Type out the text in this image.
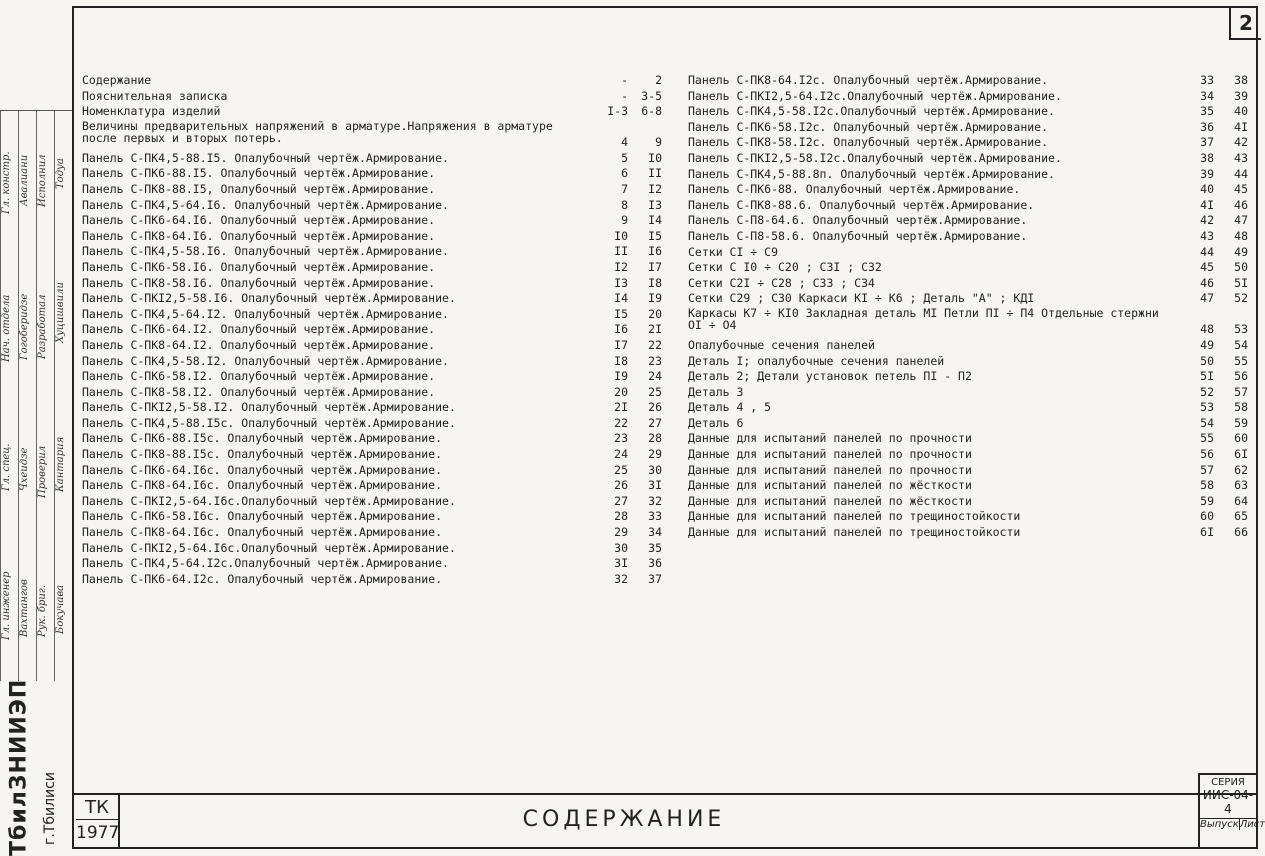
2
Гл. инженер
Гл. спец.
Нач. отдела
Гл. констр.
Вахтангов
Чхеидзе
Гогоберидзе
Авалиани
Рук. бриг.
Проверил
Разработал
Исполнил
Бокучава
Кантария
Хуцишвили
Тодуа
ТбилЗНИИЭП г.Тбилиси
Содержание	-	2
Пояснительная записка	-	3-5
Номенклатура изделий	I-3	6-8
Величины предварительных напряжений в арматуре.Напряжения в арматуре после первых и вторых потерь.	4	9
Панель С-ПК4,5-88.I5. Опалубочный чертёж.Армирование.	5	I0
Панель С-ПК6-88.I5. Опалубочный чертёж.Армирование.	6	II
Панель С-ПК8-88.I5, Опалубочный чертёж.Армирование.	7	I2
Панель С-ПК4,5-64.I6. Опалубочный чертёж.Армирование.	8	I3
Панель С-ПК6-64.I6. Опалубочный чертёж.Армирование.	9	I4
Панель С-ПК8-64.I6. Опалубочный чертёж.Армирование.	I0	I5
Панель С-ПК4,5-58.I6. Опалубочный чертёж.Армирование.	II	I6
Панель С-ПК6-58.I6. Опалубочный чертёж.Армирование.	I2	I7
Панель С-ПК8-58.I6. Опалубочный чертёж.Армирование.	I3	I8
Панель С-ПКI2,5-58.I6. Опалубочный чертёж.Армирование.	I4	I9
Панель С-ПК4,5-64.I2. Опалубочный чертёж.Армирование.	I5	20
Панель С-ПК6-64.I2. Опалубочный чертёж.Армирование.	I6	2I
Панель С-ПК8-64.I2. Опалубочный чертёж.Армирование.	I7	22
Панель С-ПК4,5-58.I2. Опалубочный чертёж.Армирование.	I8	23
Панель С-ПК6-58.I2. Опалубочный чертёж.Армирование.	I9	24
Панель С-ПК8-58.I2. Опалубочный чертёж.Армирование.	20	25
Панель С-ПКI2,5-58.I2. Опалубочный чертёж.Армирование.	2I	26
Панель С-ПК4,5-88.I5с. Опалубочный чертёж.Армирование.	22	27
Панель С-ПК6-88.I5с. Опалубочный чертёж.Армирование.	23	28
Панель С-ПК8-88.I5с. Опалубочный чертёж.Армирование.	24	29
Панель С-ПК6-64.I6с. Опалубочный чертёж.Армирование.	25	30
Панель С-ПК8-64.I6с. Опалубочный чертёж.Армирование.	26	3I
Панель С-ПКI2,5-64.I6с.Опалубочный чертёж.Армирование.	27	32
Панель С-ПК6-58.I6с. Опалубочный чертёж.Армирование.	28	33
Панель С-ПК8-64.I6с. Опалубочный чертёж.Армирование.	29	34
Панель С-ПКI2,5-64.I6с.Опалубочный чертёж.Армирование.	30	35
Панель С-ПК4,5-64.I2с.Опалубочный чертёж.Армирование.	3I	36
Панель С-ПК6-64.I2с. Опалубочный чертёж.Армирование.	32	37
Панель С-ПК8-64.I2с. Опалубочный чертёж.Армирование.	33	38
Панель С-ПКI2,5-64.I2с.Опалубочный чертёж.Армирование.	34	39
Панель С-ПК4,5-58.I2с.Опалубочный чертёж.Армирование.	35	40
Панель С-ПК6-58.I2с. Опалубочный чертёж.Армирование.	36	4I
Панель С-ПК8-58.I2с. Опалубочный чертёж.Армирование.	37	42
Панель С-ПКI2,5-58.I2с.Опалубочный чертёж.Армирование.	38	43
Панель С-ПК4,5-88.8п. Опалубочный чертёж.Армирование.	39	44
Панель С-ПК6-88. Опалубочный чертёж.Армирование.	40	45
Панель С-ПК8-88.6. Опалубочный чертёж.Армирование.	4I	46
Панель С-П8-64.6. Опалубочный чертёж.Армирование.	42	47
Панель С-П8-58.6. Опалубочный чертёж.Армирование.	43	48
Сетки CI ÷ C9	44	49
Сетки C I0 ÷ C20 ; C3I ; C32	45	50
Сетки C2I ÷ C28 ; C33 ; C34	46	5I
Сетки C29 ; C30 Каркаси КI ÷ К6 ; Деталь "А" ; КДI	47	52
Каркасы К7 ÷ КI0 Закладная деталь МI Петли ПI ÷ П4 Отдельные стержни OI ÷ O4	48	53
Опалубочные сечения панелей	49	54
Деталь I; опалубочные сечения панелей	50	55
Деталь 2; Детали установок петель ПI - П2	5I	56
Деталь 3	52	57
Деталь 4 , 5	53	58
Деталь 6	54	59
Данные для испытаний панелей по прочности	55	60
Данные для испытаний панелей по прочности	56	6I
Данные для испытаний панелей по прочности	57	62
Данные для испытаний панелей по жёсткости	58	63
Данные для испытаний панелей по жёсткости	59	64
Данные для испытаний панелей по трещиностойкости	60	65
Данные для испытаний панелей по трещиностойкости	6I	66
ТК
1977
СОДЕРЖАНИЕ
СЕРИЯ
ИИС-04-4
Выпуск Лист
